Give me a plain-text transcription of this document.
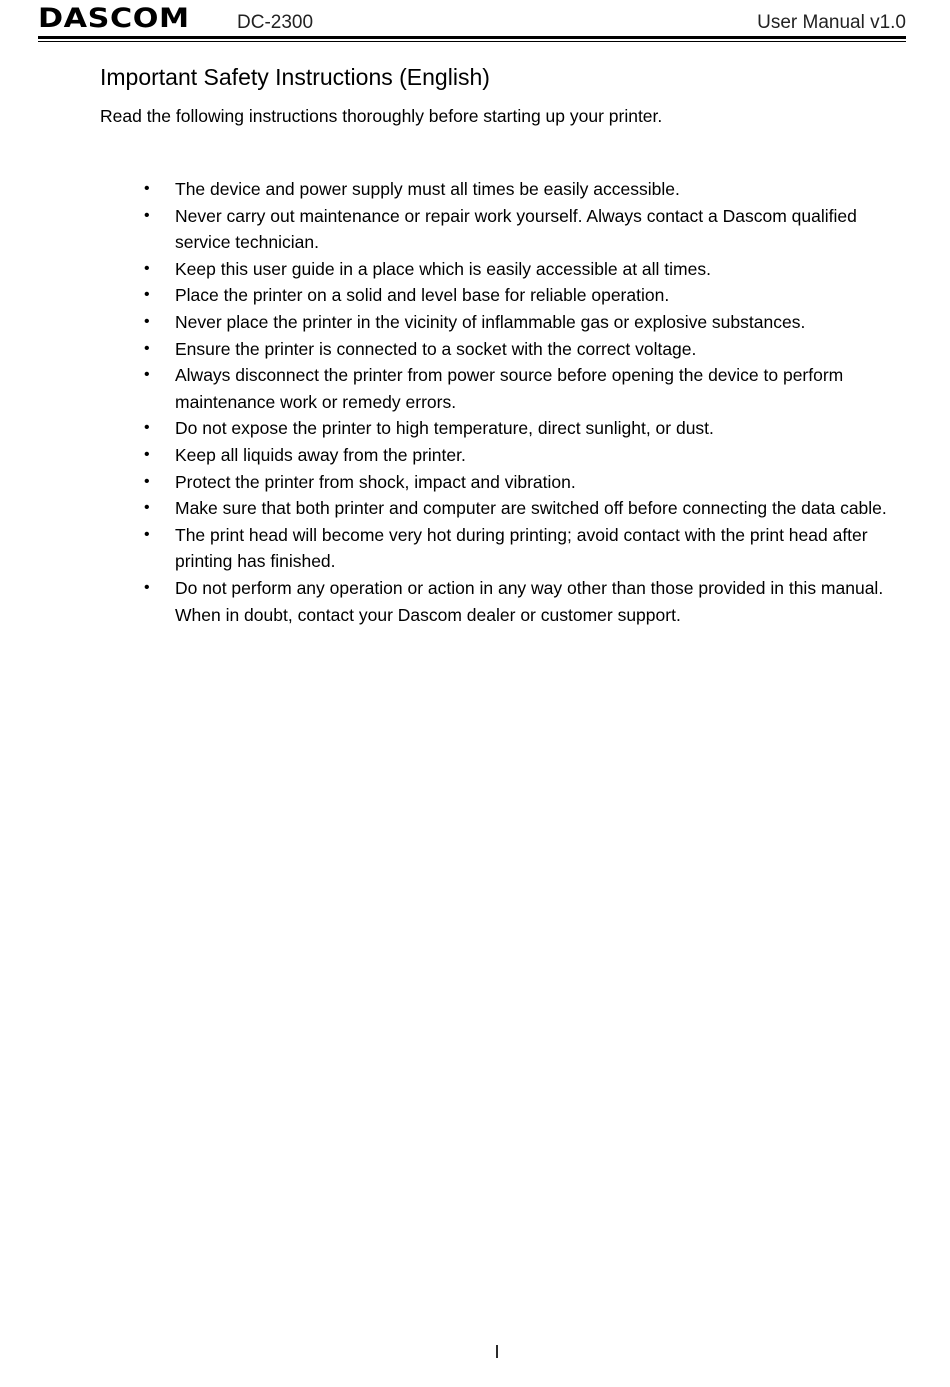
DASCOM DC-2300	User Manual v1.0
Important Safety Instructions (English)

Read the following instructions thoroughly before starting up your printer.

• The device and power supply must all times be easily accessible.
• Never carry out maintenance or repair work yourself. Always contact a Dascom qualified service technician.
• Keep this user guide in a place which is easily accessible at all times.
• Place the printer on a solid and level base for reliable operation.
• Never place the printer in the vicinity of inflammable gas or explosive substances.
• Ensure the printer is connected to a socket with the correct voltage.
• Always disconnect the printer from power source before opening the device to perform maintenance work or remedy errors.
• Do not expose the printer to high temperature, direct sunlight, or dust.
• Keep all liquids away from the printer.
• Protect the printer from shock, impact and vibration.
• Make sure that both printer and computer are switched off before connecting the data cable.
• The print head will become very hot during printing; avoid contact with the print head after printing has finished.
• Do not perform any operation or action in any way other than those provided in this manual. When in doubt, contact your Dascom dealer or customer support.
I
